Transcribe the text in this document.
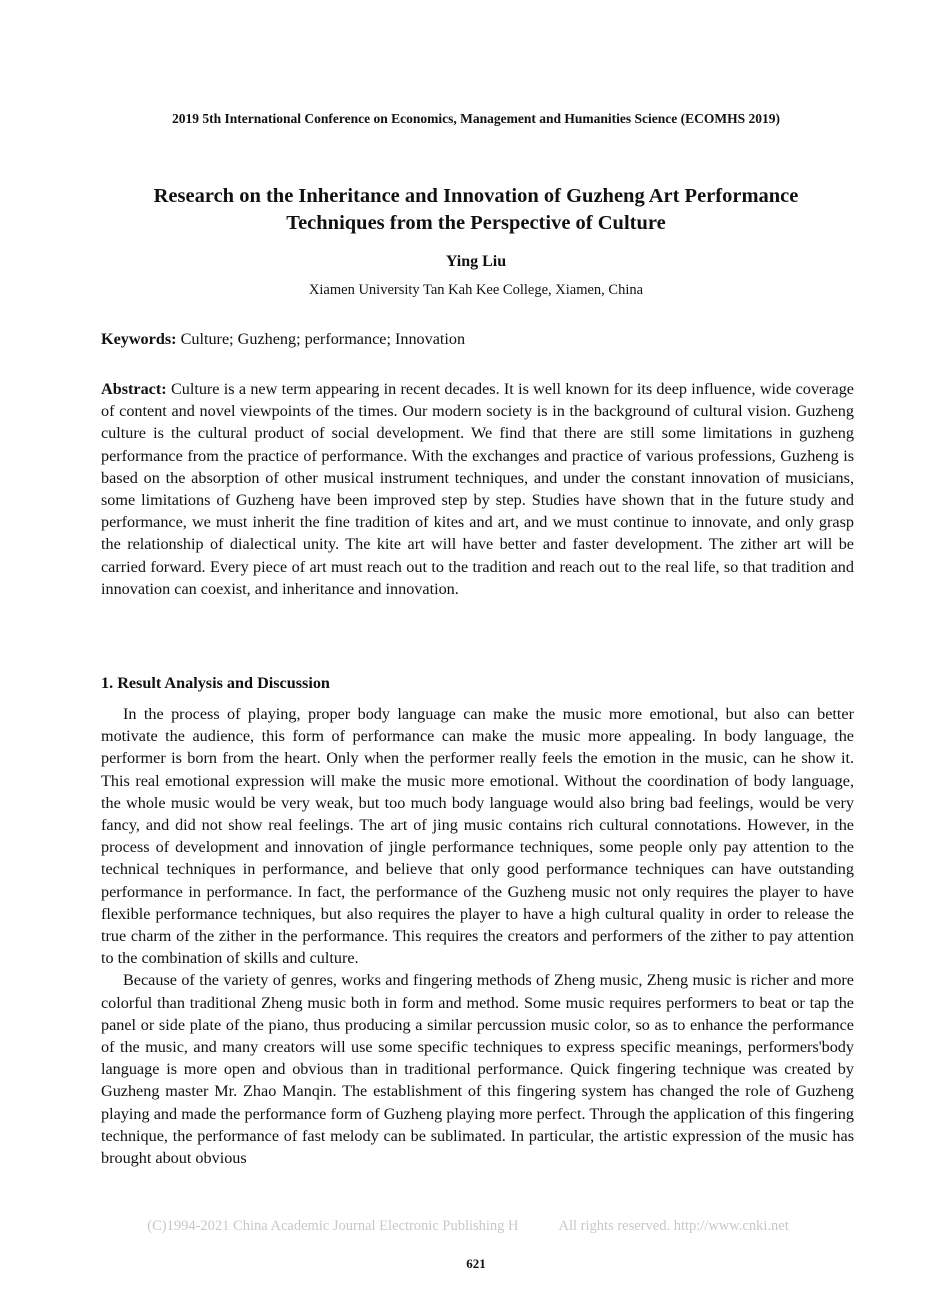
2019 5th International Conference on Economics, Management and Humanities Science (ECOMHS 2019)
Research on the Inheritance and Innovation of Guzheng Art Performance
Techniques from the Perspective of Culture
Ying Liu
Xiamen University Tan Kah Kee College, Xiamen, China
Keywords: Culture; Guzheng; performance; Innovation
Abstract: Culture is a new term appearing in recent decades. It is well known for its deep influence, wide coverage of content and novel viewpoints of the times. Our modern society is in the background of cultural vision. Guzheng culture is the cultural product of social development. We find that there are still some limitations in guzheng performance from the practice of performance. With the exchanges and practice of various professions, Guzheng is based on the absorption of other musical instrument techniques, and under the constant innovation of musicians, some limitations of Guzheng have been improved step by step. Studies have shown that in the future study and performance, we must inherit the fine tradition of kites and art, and we must continue to innovate, and only grasp the relationship of dialectical unity. The kite art will have better and faster development. The zither art will be carried forward. Every piece of art must reach out to the tradition and reach out to the real life, so that tradition and innovation can coexist, and inheritance and innovation.
1. Result Analysis and Discussion

In the process of playing, proper body language can make the music more emotional, but also can better motivate the audience, this form of performance can make the music more appealing. In body language, the performer is born from the heart. Only when the performer really feels the emotion in the music, can he show it. This real emotional expression will make the music more emotional. Without the coordination of body language, the whole music would be very weak, but too much body language would also bring bad feelings, would be very fancy, and did not show real feelings. The art of jing music contains rich cultural connotations. However, in the process of development and innovation of jingle performance techniques, some people only pay attention to the technical techniques in performance, and believe that only good performance techniques can have outstanding performance in performance. In fact, the performance of the Guzheng music not only requires the player to have flexible performance techniques, but also requires the player to have a high cultural quality in order to release the true charm of the zither in the performance. This requires the creators and performers of the zither to pay attention to the combination of skills and culture.

Because of the variety of genres, works and fingering methods of Zheng music, Zheng music is richer and more colorful than traditional Zheng music both in form and method. Some music requires performers to beat or tap the panel or side plate of the piano, thus producing a similar percussion music color, so as to enhance the performance of the music, and many creators will use some specific techniques to express specific meanings, performers'body language is more open and obvious than in traditional performance. Quick fingering technique was created by Guzheng master Mr. Zhao Manqin. The establishment of this fingering system has changed the role of Guzheng playing and made the performance form of Guzheng playing more perfect. Through the application of this fingering technique, the performance of fast melody can be sublimated. In particular, the artistic expression of the music has brought about obvious

(C)1994-2021 China Academic Journal Electronic Publishing H	All rights reserved. http://www.cnki.net
621
